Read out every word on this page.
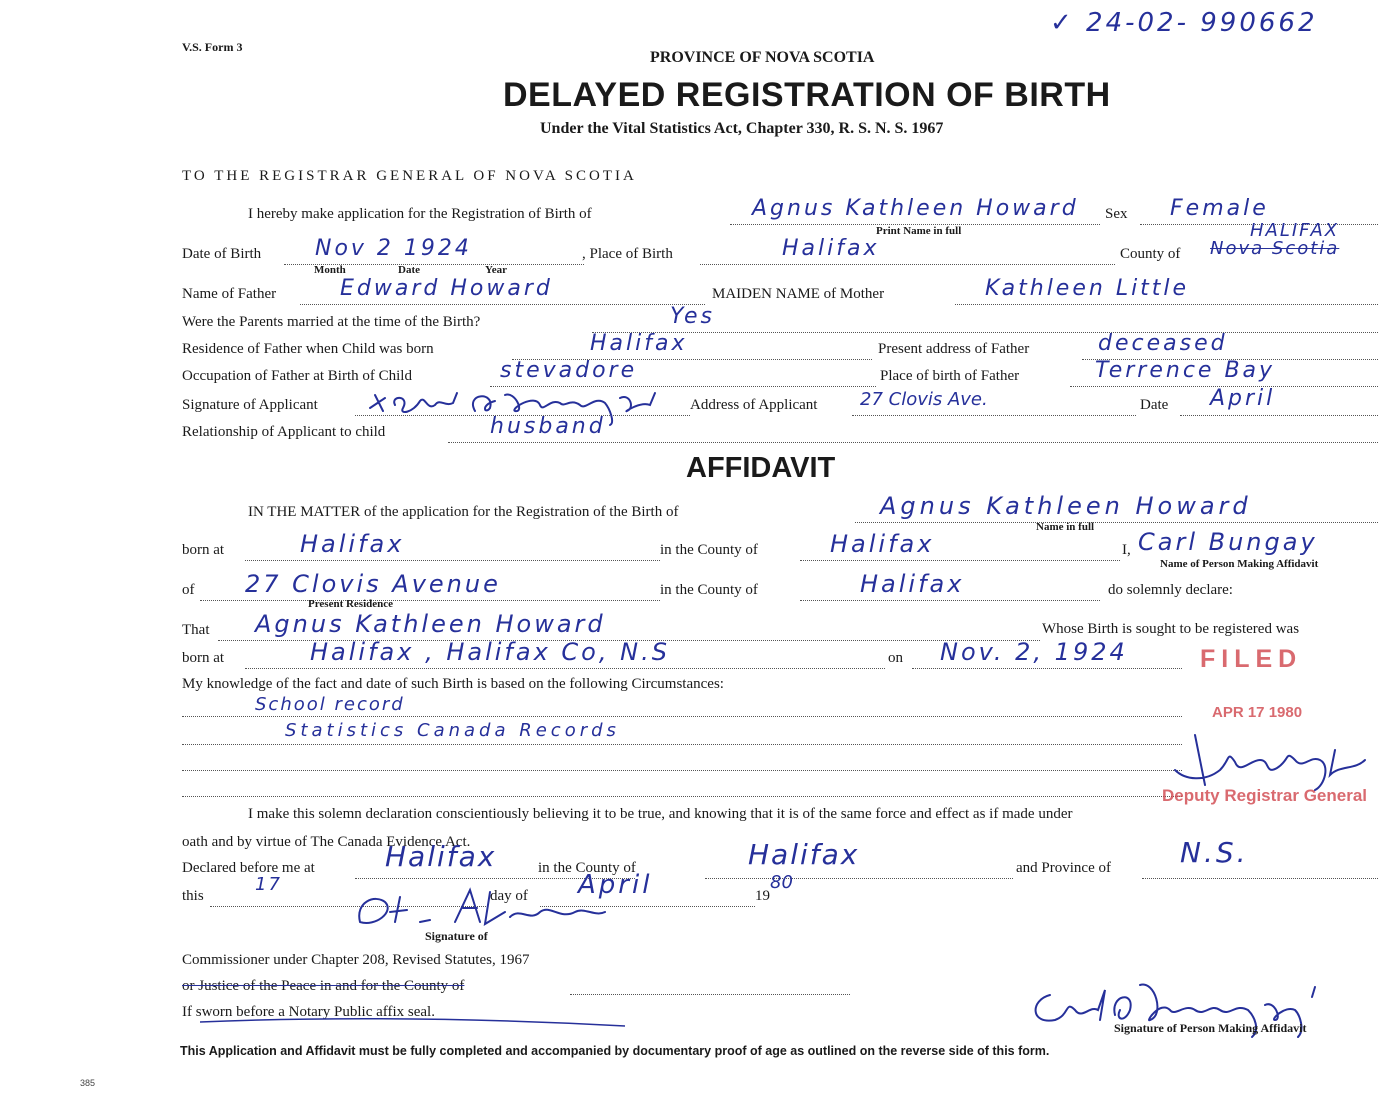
V.S. Form 3
✓ 24-02- 990662
PROVINCE OF NOVA SCOTIA
DELAYED REGISTRATION OF BIRTH
Under the Vital Statistics Act, Chapter 330, R. S. N. S. 1967
TO THE REGISTRAR GENERAL OF NOVA SCOTIA
I hereby make application for the Registration of Birth of	Agnus Kathleen Howard
Print Name in full
Sex Female
Date of Birth Nov 2 1924
Month	Date	Year
, Place of Birth	Halifax	County of Nova Scotia
HALIFAX
Name of Father	Edward Howard	MAIDEN NAME of Mother	Kathleen Little
Were the Parents married at the time of the Birth?	Yes
Residence of Father when Child was born	Halifax	Present address of Father	deceased
Occupation of Father at Birth of Child	stevadore	Place of birth of Father	Terrence Bay
Signature of Applicant	Address of Applicant 27 Clovis Ave.	Date April
Relationship of Applicant to child	husband
AFFIDAVIT
IN THE MATTER of the application for the Registration of the Birth of	Agnus Kathleen Howard
Name in full
born at	Halifax	in the County of	Halifax	I, Carl Bungay
Name of Person Making Affidavit
of 27 Clovis Avenue
Present Residence
in the County of	Halifax	do solemnly declare:
That Agnus Kathleen Howard	Whose Birth is sought to be registered was
born at	Halifax , Halifax Co, N.S	on Nov. 2, 1924
My knowledge of the fact and date of such Birth is based on the following Circumstances:
School record
Statistics Canada Records
FILED
APR 17 1980
Deputy Registrar General
I make this solemn declaration conscientiously believing it to be true, and knowing that it is of the same force and effect as if made under
oath and by virtue of The Canada Evidence Act.
Declared before me at	Halifax	in the County of	Halifax	and Province of N.S.
this
17
day of April	19
80
Signature of
Commissioner under Chapter 208, Revised Statutes, 1967
or Justice of the Peace in and for the County of
If sworn before a Notary Public affix seal.
Signature of Person Making Affidavit
This Application and Affidavit must be fully completed and accompanied by documentary proof of age as outlined on the reverse side of this form.
385
